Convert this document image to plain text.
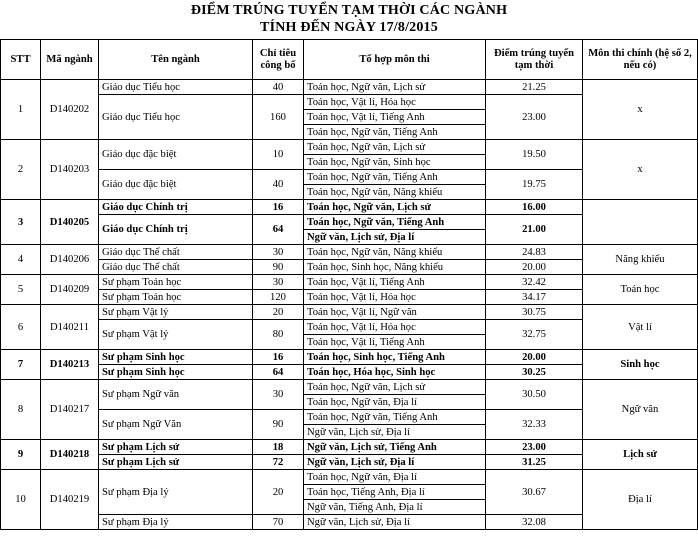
ĐIỂM TRÚNG TUYỂN TẠM THỜI CÁC NGÀNH
TÍNH ĐẾN NGÀY 17/8/2015
STT	Mã ngành	Tên ngành	Chỉ tiêu công bố	Tổ hợp môn thi	Điểm trúng tuyển tạm thời	Môn thi chính (hệ số 2, nếu có)
1	D140202	Giáo dục Tiểu học	40	Toán học, Ngữ văn, Lịch sử	21.25	x
		Giáo dục Tiểu học	160	Toán học, Vật lí, Hóa học	23.00	
				Toán học, Vật lí, Tiếng Anh		
				Toán học, Ngữ văn, Tiếng Anh		
2	D140203	Giáo dục đặc biệt	10	Toán học, Ngữ văn, Lịch sử	19.50	x
				Toán học, Ngữ văn, Sinh học		
		Giáo dục đặc biệt	40	Toán học, Ngữ văn, Tiếng Anh	19.75	
				Toán học, Ngữ văn, Năng khiếu		
3	D140205	Giáo dục Chính trị	16	Toán học, Ngữ văn, Lịch sử	16.00	
		Giáo dục Chính trị	64	Toán học, Ngữ văn, Tiếng Anh	21.00	
				Ngữ văn, Lịch sử, Địa lí		
4	D140206	Giáo dục Thể chất	30	Toán học, Ngữ văn, Năng khiếu	24.83	Năng khiếu
		Giáo dục Thể chất	90	Toán học, Sinh học, Năng khiếu	20.00	
5	D140209	Sư phạm Toán học	30	Toán học, Vật lí, Tiếng Anh	32.42	Toán học
		Sư phạm Toán học	120	Toán học, Vật lí, Hóa học	34.17	
6	D140211	Sư phạm Vật lý	20	Toán học, Vật lí, Ngữ văn	30.75	Vật lí
		Sư phạm Vật lý	80	Toán học, Vật lí, Hóa học	32.75	
				Toán học, Vật lí, Tiếng Anh		
7	D140213	Sư phạm Sinh học	16	Toán học, Sinh học, Tiếng Anh	20.00	Sinh học
		Sư phạm Sinh học	64	Toán học, Hóa học, Sinh học	30.25	
8	D140217	Sư phạm Ngữ văn	30	Toán học, Ngữ văn, Lịch sử	30.50	Ngữ văn
				Toán học, Ngữ văn, Địa lí		
		Sư phạm Ngữ Văn	90	Toán học, Ngữ văn, Tiếng Anh	32.33	
				Ngữ văn, Lịch sử, Địa lí		
9	D140218	Sư phạm Lịch sử	18	Ngữ văn, Lịch sử, Tiếng Anh	23.00	Lịch sử
		Sư phạm Lịch sử	72	Ngữ văn, Lịch sử, Địa lí	31.25	
10	D140219	Sư phạm Địa lý	20	Toán học, Ngữ văn, Địa lí	30.67	Địa lí
				Toán học, Tiếng Anh, Địa lí		
				Ngữ văn, Tiếng Anh, Địa lí		
		Sư phạm Địa lý	70	Ngữ văn, Lịch sử, Địa lí	32.08	
